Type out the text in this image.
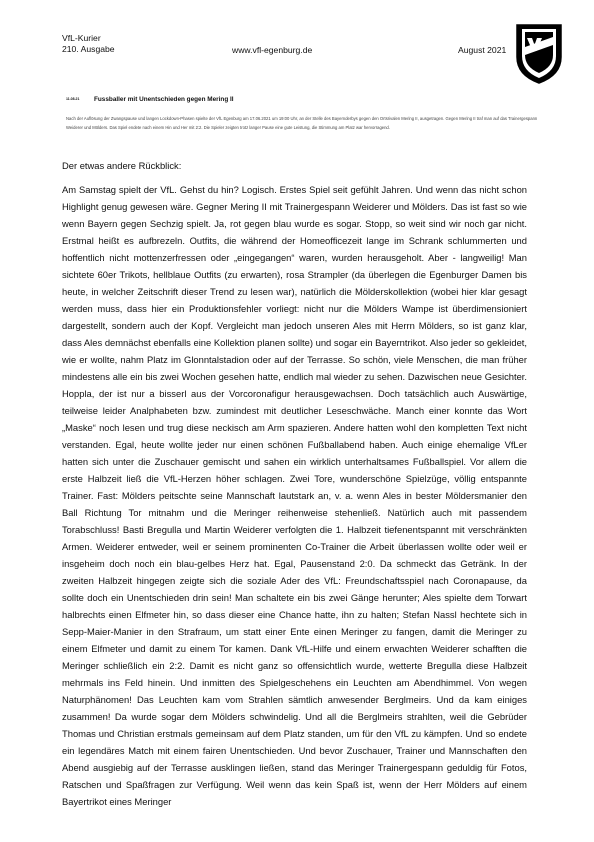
VfL-Kurier
210. Ausgabe	www.vfl-egenburg.de	August 2021
11.08.21 Fussballer mit Unentschieden gegen Mering II
Nach der Auflösung der Zwangspause und langen Lockdown-Phasen spielte der VfL Egenburg am 17.06.2021 um 19:00 Uhr, an der Stelle des Bayernderbys gegen den Ortsrivalen Mering II, ausgetragen. Gegen Mering II traf man auf das Trainergespann Weiderer und Mölders. Das Spiel endete nach einem Hin und Her mit 2:2. Die Spieler zeigten trotz langer Pause eine gute Leistung, die Stimmung am Platz war hervorragend.
Der etwas andere Rückblick:

Am Samstag spielt der VfL. Gehst du hin? Logisch. Erstes Spiel seit gefühlt Jahren. Und wenn das nicht schon Highlight genug gewesen wäre. Gegner Mering II mit Trainergespann Weiderer und Mölders. Das ist fast so wie wenn Bayern gegen Sechzig spielt. Ja, rot gegen blau wurde es sogar. Stopp, so weit sind wir noch gar nicht. Erstmal heißt es aufbrezeln. Outfits, die während der Homeofficezeit lange im Schrank schlummerten und hoffentlich nicht mottenzerfressen oder „eingegangen“ waren, wurden herausgeholt. Aber - langweilig! Man sichtete 60er Trikots, hellblaue Outfits (zu erwarten), rosa Strampler (da überlegen die Egenburger Damen bis heute, in welcher Zeitschrift dieser Trend zu lesen war), natürlich die Mölderskollektion (wobei hier klar gesagt werden muss, dass hier ein Produktionsfehler vorliegt: nicht nur die Mölders Wampe ist überdimensioniert dargestellt, sondern auch der Kopf. Vergleicht man jedoch unseren Ales mit Herrn Mölders, so ist ganz klar, dass Ales demnächst ebenfalls eine Kollektion planen sollte) und sogar ein Bayerntrikot. Also jeder so gekleidet, wie er wollte, nahm Platz im Glonntalstadion oder auf der Terrasse. So schön, viele Menschen, die man früher mindestens alle ein bis zwei Wochen gesehen hatte, endlich mal wieder zu sehen. Dazwischen neue Gesichter. Hoppla, der ist nur a bisserl aus der Vorcoronafigur herausgewachsen. Doch tatsächlich auch Auswärtige, teilweise leider Analphabeten bzw. zumindest mit deutlicher Leseschwäche. Manch einer konnte das Wort „Maske“ noch lesen und trug diese neckisch am Arm spazieren. Andere hatten wohl den kompletten Text nicht verstanden. Egal, heute wollte jeder nur einen schönen Fußballabend haben. Auch einige ehemalige VfLer hatten sich unter die Zuschauer gemischt und sahen ein wirklich unterhaltsames Fußballspiel. Vor allem die erste Halbzeit ließ die VfL-Herzen höher schlagen. Zwei Tore, wunderschöne Spielzüge, völlig entspannte Trainer. Fast: Mölders peitschte seine Mannschaft lautstark an, v. a. wenn Ales in bester Möldersmanier den Ball Richtung Tor mitnahm und die Meringer reihenweise stehenließ. Natürlich auch mit passendem Torabschluss! Basti Bregulla und Martin Weiderer verfolgten die 1. Halbzeit tiefenentspannt mit verschränkten Armen. Weiderer entweder, weil er seinem prominenten Co-Trainer die Arbeit überlassen wollte oder weil er insgeheim doch noch ein blau-gelbes Herz hat. Egal, Pausenstand 2:0. Da schmeckt das Getränk. In der zweiten Halbzeit hingegen zeigte sich die soziale Ader des VfL: Freundschaftsspiel nach Coronapause, da sollte doch ein Unentschieden drin sein! Man schaltete ein bis zwei Gänge herunter; Ales spielte dem Torwart halbrechts einen Elfmeter hin, so dass dieser eine Chance hatte, ihn zu halten; Stefan Nassl hechtete sich in Sepp-Maier-Manier in den Strafraum, um statt einer Ente einen Meringer zu fangen, damit die Meringer zu einem Elfmeter und damit zu einem Tor kamen. Dank VfL-Hilfe und einem erwachten Weiderer schafften die Meringer schließlich ein 2:2. Damit es nicht ganz so offensichtlich wurde, wetterte Bregulla diese Halbzeit mehrmals ins Feld hinein. Und inmitten des Spielgeschehens ein Leuchten am Abendhimmel. Von wegen Naturphänomen! Das Leuchten kam vom Strahlen sämtlich anwesender Berglmeirs. Und da kam einiges zusammen! Da wurde sogar dem Mölders schwindelig. Und all die Berglmeirs strahlten, weil die Gebrüder Thomas und Christian erstmals gemeinsam auf dem Platz standen, um für den VfL zu kämpfen. Und so endete ein legendäres Match mit einem fairen Unentschieden. Und bevor Zuschauer, Trainer und Mannschaften den Abend ausgiebig auf der Terrasse ausklingen ließen, stand das Meringer Trainergespann geduldig für Fotos, Ratschen und Spaßfragen zur Verfügung. Weil wenn das kein Spaß ist, wenn der Herr Mölders auf einem Bayertrikot eines Meringer
